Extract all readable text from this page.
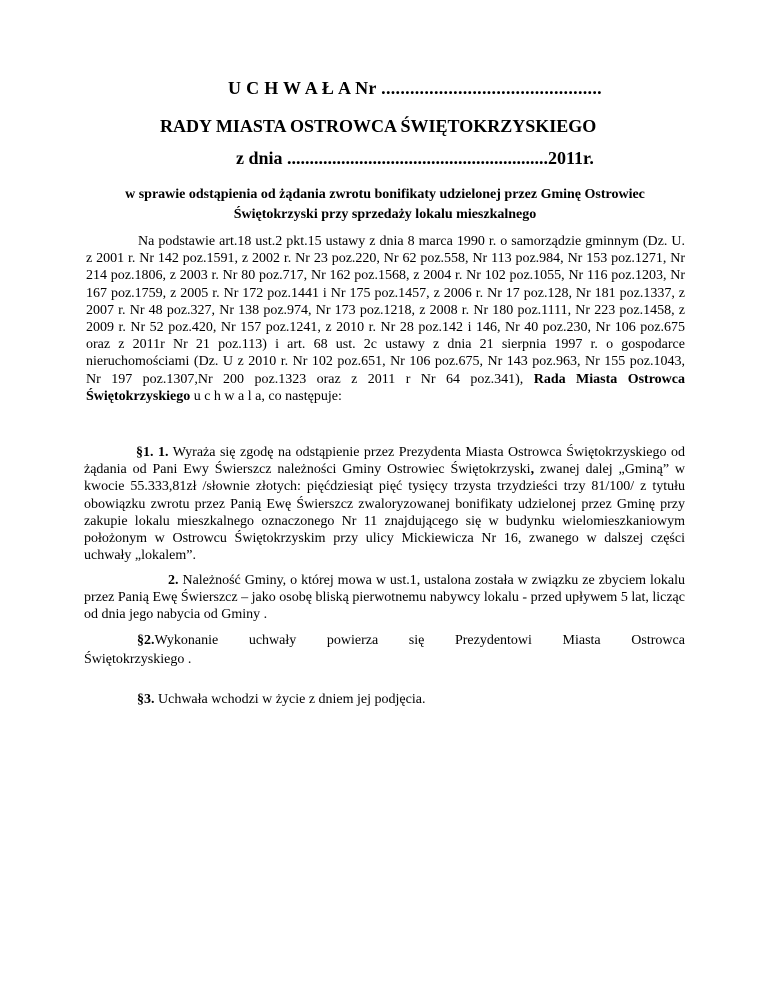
U C H W A Ł A Nr ..............................................
RADY MIASTA OSTROWCA ŚWIĘTOKRZYSKIEGO
z dnia ..........................................................2011r.
w sprawie odstąpienia od żądania zwrotu bonifikaty udzielonej przez Gminę Ostrowiec Świętokrzyski przy sprzedaży lokalu mieszkalnego
Na podstawie art.18 ust.2 pkt.15 ustawy z dnia 8 marca 1990 r. o samorządzie gminnym (Dz. U. z 2001 r. Nr 142 poz.1591, z 2002 r. Nr 23 poz.220, Nr 62 poz.558, Nr 113 poz.984, Nr 153 poz.1271, Nr 214 poz.1806, z 2003 r. Nr 80 poz.717, Nr 162 poz.1568, z 2004 r. Nr 102 poz.1055, Nr 116 poz.1203, Nr 167 poz.1759, z 2005 r. Nr 172 poz.1441 i Nr 175 poz.1457, z 2006 r. Nr 17 poz.128, Nr 181 poz.1337, z 2007 r. Nr 48 poz.327, Nr 138 poz.974, Nr 173 poz.1218, z 2008 r. Nr 180 poz.1111, Nr 223 poz.1458, z 2009 r. Nr 52 poz.420, Nr 157 poz.1241, z 2010 r. Nr 28 poz.142 i 146, Nr 40 poz.230, Nr 106 poz.675 oraz z 2011r Nr 21 poz.113) i art. 68 ust. 2c ustawy z dnia 21 sierpnia 1997 r. o gospodarce nieruchomościami (Dz. U z 2010 r. Nr 102 poz.651, Nr 106 poz.675, Nr 143 poz.963, Nr 155 poz.1043, Nr 197 poz.1307,Nr 200 poz.1323 oraz z 2011 r Nr 64 poz.341), Rada Miasta Ostrowca Świętokrzyskiego u c h w a l a, co następuje:
§1. 1. Wyraża się zgodę na odstąpienie przez Prezydenta Miasta Ostrowca Świętokrzyskiego od żądania od Pani Ewy Świerszcz należności Gminy Ostrowiec Świętokrzyski, zwanej dalej „Gminą” w kwocie 55.333,81zł /słownie złotych: pięćdziesiąt pięć tysięcy trzysta trzydzieści trzy 81/100/ z tytułu obowiązku zwrotu przez Panią Ewę Świerszcz zwaloryzowanej bonifikaty udzielonej przez Gminę przy zakupie lokalu mieszkalnego oznaczonego Nr 11 znajdującego się w budynku wielomieszkaniowym położonym w Ostrowcu Świętokrzyskim przy ulicy Mickiewicza Nr 16, zwanego w dalszej części uchwały „lokalem”.
2. Należność Gminy, o której mowa w ust.1, ustalona została w związku ze zbyciem lokalu przez Panią Ewę Świerszcz – jako osobę bliską pierwotnemu nabywcy lokalu - przed upływem 5 lat, licząc od dnia jego nabycia od Gminy .
§2.Wykonanie uchwały powierza się Prezydentowi Miasta Ostrowca
Świętokrzyskiego .
§3. Uchwała wchodzi w życie z dniem jej podjęcia.
